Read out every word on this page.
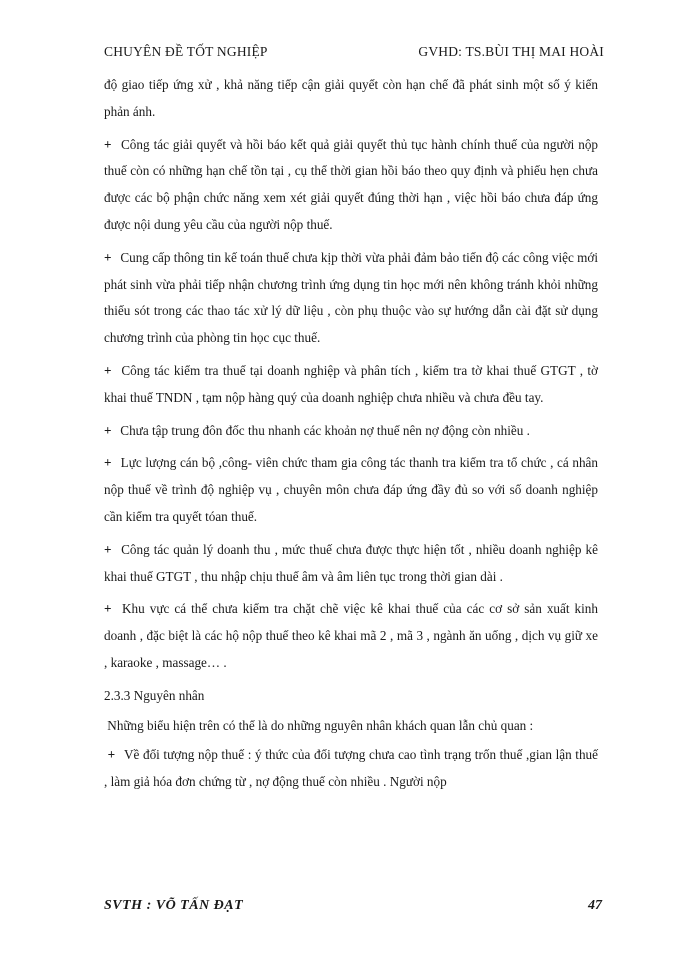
CHUYÊN ĐỀ TỐT NGHIỆP	GVHD: TS.BÙI THỊ MAI HOÀI

độ giao tiếp ứng xử , khả năng tiếp cận giải quyết còn hạn chế đã phát sinh một số ý kiến phản ánh.

+ Công tác giải quyết và hồi báo kết quả giải quyết thủ tục hành chính thuế của người nộp thuế còn có những hạn chế tồn tại , cụ thể thời gian hồi báo theo quy định và phiếu hẹn chưa được các bộ phận chức năng xem xét giải quyết đúng thời hạn , việc hồi báo chưa đáp ứng được nội dung yêu cầu của người nộp thuế.

+ Cung cấp thông tin kế toán thuế chưa kịp thời vừa phải đảm bảo tiến độ các công việc mới phát sinh vừa phải tiếp nhận chương trình ứng dụng tin học mới nên không tránh khỏi những thiếu sót trong các thao tác xử lý dữ liệu , còn phụ thuộc vào sự hướng dẫn cài đặt sử dụng chương trình của phòng tin học cục thuế.

+ Công tác kiểm tra thuế tại doanh nghiệp và phân tích , kiểm tra tờ khai thuế GTGT , tờ khai thuế TNDN , tạm nộp hàng quý của doanh nghiệp chưa nhiều và chưa đều tay.

+ Chưa tập trung đôn đốc thu nhanh các khoản nợ thuế nên nợ động còn nhiều .

+ Lực lượng cán bộ ,công- viên chức tham gia công tác thanh tra kiểm tra tổ chức , cá nhân nộp thuế về trình độ nghiệp vụ , chuyên môn chưa đáp ứng đầy đủ so với số doanh nghiệp cần kiểm tra quyết tóan thuế.

+ Công tác quản lý doanh thu , mức thuế chưa được thực hiện tốt , nhiều doanh nghiệp kê khai thuế GTGT , thu nhập chịu thuế âm và âm liên tục trong thời gian dài .

+ Khu vực cá thể chưa kiểm tra chặt chẽ việc kê khai thuế của các cơ sở sản xuất kinh doanh , đặc biệt là các hộ nộp thuế theo kê khai mã 2 , mã 3 , ngành ăn uống , dịch vụ giữ xe , karaoke , massage… .

2.3.3 Nguyên nhân

Những biểu hiện trên có thể là do những nguyên nhân khách quan lẫn chủ quan :

+ Về đối tượng nộp thuế : ý thức của đối tượng chưa cao tình trạng trốn thuế ,gian lận thuế , làm giả hóa đơn chứng từ , nợ động thuế còn nhiều . Người nộp

SVTH : VÕ TẤN ĐẠT	47
